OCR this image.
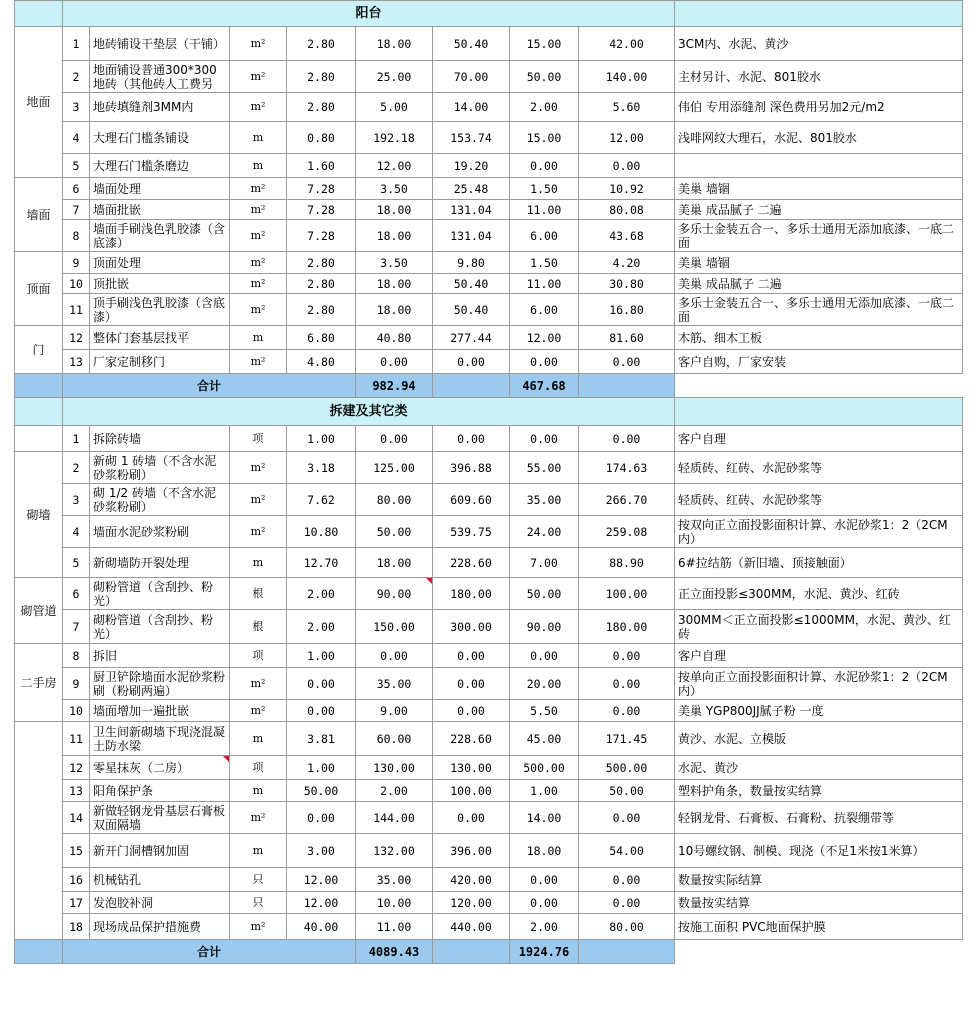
	阳台								
地面	1	地砖铺设干垫层（干铺）	m²	2.80	18.00	50.40	15.00	42.00	3CM内、水泥、黄沙
	2	地面铺设普通300*300地砖（其他砖人工费另	m²	2.80	25.00	70.00	50.00	140.00	主材另计、水泥、801胶水
	3	地砖填缝剂3MM内	m²	2.80	5.00	14.00	2.00	5.60	伟伯 专用添缝剂 深色费用另加2元/m2
	4	大理石门槛条铺设	m	0.80	192.18	153.74	15.00	12.00	浅啡网纹大理石，水泥、801胶水
	5	大理石门槛条磨边	m	1.60	12.00	19.20	0.00	0.00	
墙面	6	墙面处理	m²	7.28	3.50	25.48	1.50	10.92	美巢 墙锢
	7	墙面批嵌	m²	7.28	18.00	131.04	11.00	80.08	美巢 成品腻子 二遍
	8	墙面手刷浅色乳胶漆（含底漆）	m²	7.28	18.00	131.04	6.00	43.68	多乐士金装五合一、多乐士通用无添加底漆、一底二面
顶面	9	顶面处理	m²	2.80	3.50	9.80	1.50	4.20	美巢 墙锢
	10	顶批嵌	m²	2.80	18.00	50.40	11.00	30.80	美巢 成品腻子 二遍
	11	顶手刷浅色乳胶漆（含底漆）	m²	2.80	18.00	50.40	6.00	16.80	多乐士金装五合一、多乐士通用无添加底漆、一底二面
门	12	整体门套基层找平	m	6.80	40.80	277.44	12.00	81.60	木筋、细木工板
	13	厂家定制移门	m²	4.80	0.00	0.00	0.00	0.00	客户自购，厂家安装
	合计				982.94		467.68		
	拆建及其它类								
	1	拆除砖墙	项	1.00	0.00	0.00	0.00	0.00	客户自理
砌墙	2	新砌 1 砖墙（不含水泥砂浆粉刷）	m²	3.18	125.00	396.88	55.00	174.63	轻质砖、红砖、水泥砂浆等
	3	砌 1/2 砖墙（不含水泥砂浆粉刷）	m²	7.62	80.00	609.60	35.00	266.70	轻质砖、红砖、水泥砂浆等
	4	墙面水泥砂浆粉刷	m²	10.80	50.00	539.75	24.00	259.08	按双向正立面投影面积计算、水泥砂浆1：2（2CM内）
	5	新砌墙防开裂处理	m	12.70	18.00	228.60	7.00	88.90	6#拉结筋（新旧墙、顶接触面）
砌管道	6	砌粉管道（含刮抄、粉光）	根	2.00	90.00	180.00	50.00	100.00	正立面投影≤300MM，水泥、黄沙、红砖
	7	砌粉管道（含刮抄、粉光）	根	2.00	150.00	300.00	90.00	180.00	300MM＜正立面投影≤1000MM，水泥、黄沙、红砖
二手房	8	拆旧	项	1.00	0.00	0.00	0.00	0.00	客户自理
	9	厨卫铲除墙面水泥砂浆粉刷（粉刷两遍）	m²	0.00	35.00	0.00	20.00	0.00	按单向正立面投影面积计算、水泥砂浆1：2（2CM内）
	10	墙面增加一遍批嵌	m²	0.00	9.00	0.00	5.50	0.00	美巢 YGP800JJ腻子粉 一度
	11	卫生间新砌墙下现浇混凝土防水梁	m	3.81	60.00	228.60	45.00	171.45	黄沙、水泥、立模版
	12	零星抹灰（二房）	项	1.00	130.00	130.00	500.00	500.00	水泥、黄沙
	13	阳角保护条	m	50.00	2.00	100.00	1.00	50.00	塑料护角条，数量按实结算
	14	新做轻钢龙骨基层石膏板双面隔墙	m²	0.00	144.00	0.00	14.00	0.00	轻钢龙骨、石膏板、石膏粉、抗裂绷带等
	15	新开门洞槽钢加固	m	3.00	132.00	396.00	18.00	54.00	10号螺纹钢、制模、现浇（不足1米按1米算）
	16	机械钻孔	只	12.00	35.00	420.00	0.00	0.00	数量按实际结算
	17	发泡胶补洞	只	12.00	10.00	120.00	0.00	0.00	数量按实结算
	18	现场成品保护措施费	m²	40.00	11.00	440.00	2.00	80.00	按施工面积 PVC地面保护膜
	合计				4089.43		1924.76		
